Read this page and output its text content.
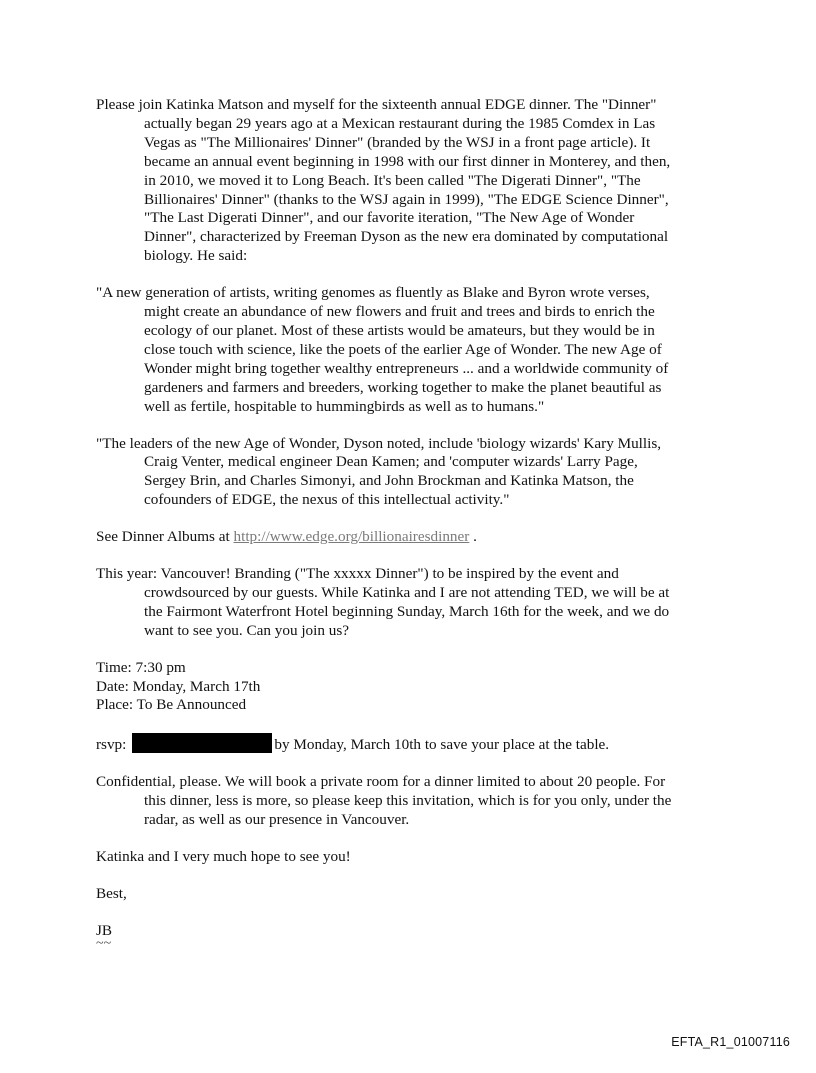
Please join Katinka Matson and myself for the sixteenth annual EDGE dinner. The "Dinner" actually began 29 years ago at a Mexican restaurant during the 1985 Comdex in Las Vegas as "The Millionaires' Dinner" (branded by the WSJ in a front page article). It became an annual event beginning in 1998 with our first dinner in Monterey, and then, in 2010, we moved it to Long Beach. It's been called "The Digerati Dinner", "The Billionaires' Dinner" (thanks to the WSJ again in 1999), "The EDGE Science Dinner", "The Last Digerati Dinner", and our favorite iteration, "The New Age of Wonder Dinner", characterized by Freeman Dyson as the new era dominated by computational biology. He said:

"A new generation of artists, writing genomes as fluently as Blake and Byron wrote verses, might create an abundance of new flowers and fruit and trees and birds to enrich the ecology of our planet. Most of these artists would be amateurs, but they would be in close touch with science, like the poets of the earlier Age of Wonder. The new Age of Wonder might bring together wealthy entrepreneurs ... and a worldwide community of gardeners and farmers and breeders, working together to make the planet beautiful as well as fertile, hospitable to hummingbirds as well as to humans."

"The leaders of the new Age of Wonder, Dyson noted, include 'biology wizards' Kary Mullis, Craig Venter, medical engineer Dean Kamen; and 'computer wizards' Larry Page, Sergey Brin, and Charles Simonyi, and John Brockman and Katinka Matson, the cofounders of EDGE, the nexus of this intellectual activity."

See Dinner Albums at http://www.edge.org/billionairesdinner .

This year: Vancouver! Branding ("The xxxxx Dinner") to be inspired by the event and crowdsourced by our guests. While Katinka and I are not attending TED, we will be at the Fairmont Waterfront Hotel beginning Sunday, March 16th for the week, and we do want to see you. Can you join us?

Time: 7:30 pm

Date: Monday, March 17th

Place: To Be Announced

rsvp:	by Monday, March 10th to save your place at the table.

Confidential, please. We will book a private room for a dinner limited to about 20 people. For this dinner, less is more, so please keep this invitation, which is for you only, under the radar, as well as our presence in Vancouver.

Katinka and I very much hope to see you!

Best,

JB

~~

EFTA_R1_01007116
